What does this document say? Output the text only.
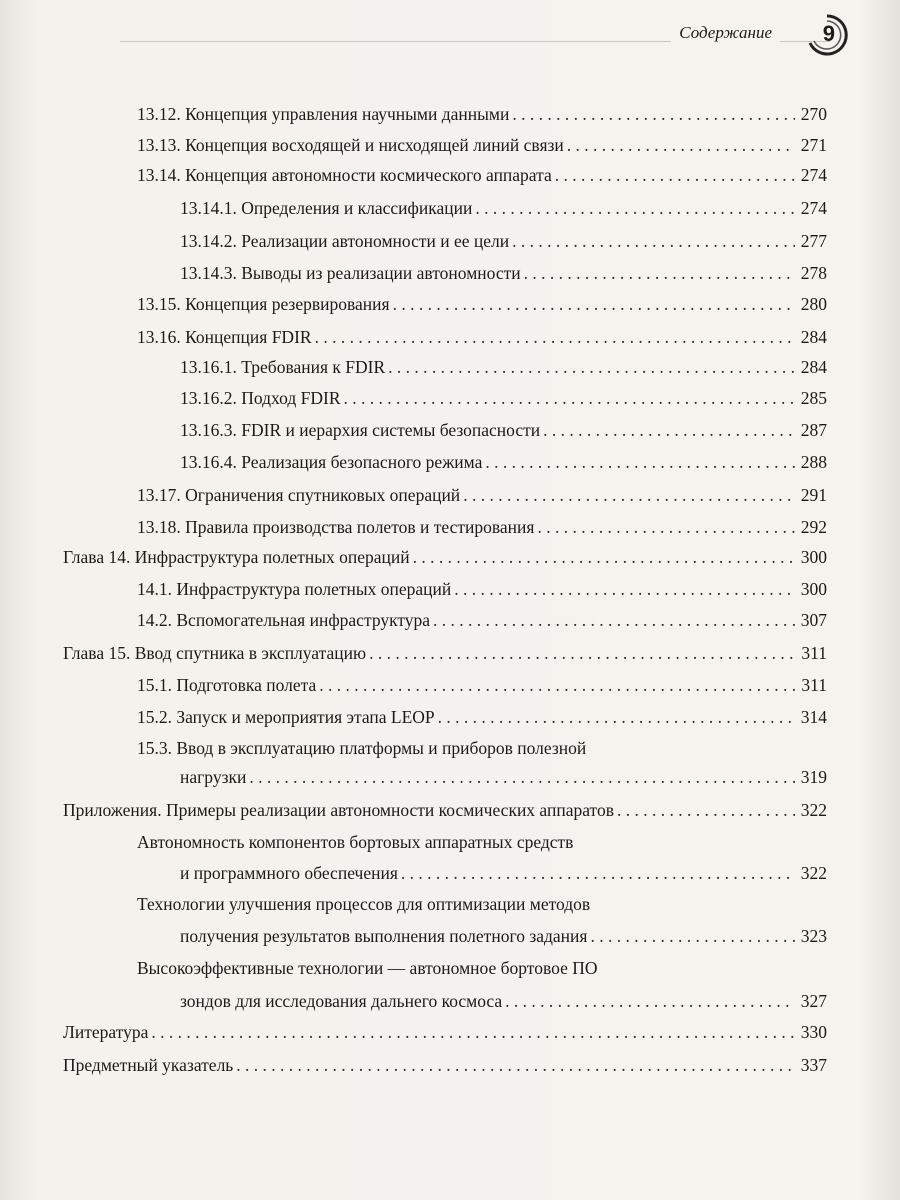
Содержание	9
13.12. Концепция управления научными данными . . .	270
13.13. Концепция восходящей и нисходящей линий связи . . .	271
13.14. Концепция автономности космического аппарата . . .	274
13.14.1. Определения и классификации . . .	274
13.14.2. Реализации автономности и ее цели . . .	277
13.14.3. Выводы из реализации автономности . . .	278
13.15. Концепция резервирования . . .	280
13.16. Концепция FDIR . . .	284
13.16.1. Требования к FDIR . . .	284
13.16.2. Подход FDIR . . .	285
13.16.3. FDIR и иерархия системы безопасности . . .	287
13.16.4. Реализация безопасного режима . . .	288
13.17. Ограничения спутниковых операций . . .	291
13.18. Правила производства полетов и тестирования . . .	292
Глава 14. Инфраструктура полетных операций . . .	300
14.1. Инфраструктура полетных операций . . .	300
14.2. Вспомогательная инфраструктура . . .	307
Глава 15. Ввод спутника в эксплуатацию . . .	311
15.1. Подготовка полета . . .	311
15.2. Запуск и мероприятия этапа LEOP . . .	314
15.3. Ввод в эксплуатацию платформы и приборов полезной
нагрузки . . .	319
Приложения. Примеры реализации автономности космических аппаратов . . .	322
Автономность компонентов бортовых аппаратных средств
и программного обеспечения . . .	322
Технологии улучшения процессов для оптимизации методов
получения результатов выполнения полетного задания . . .	323
Высокоэффективные технологии — автономное бортовое ПО
зондов для исследования дальнего космоса . . .	327
Литература . . .	330
Предметный указатель . . .	337
